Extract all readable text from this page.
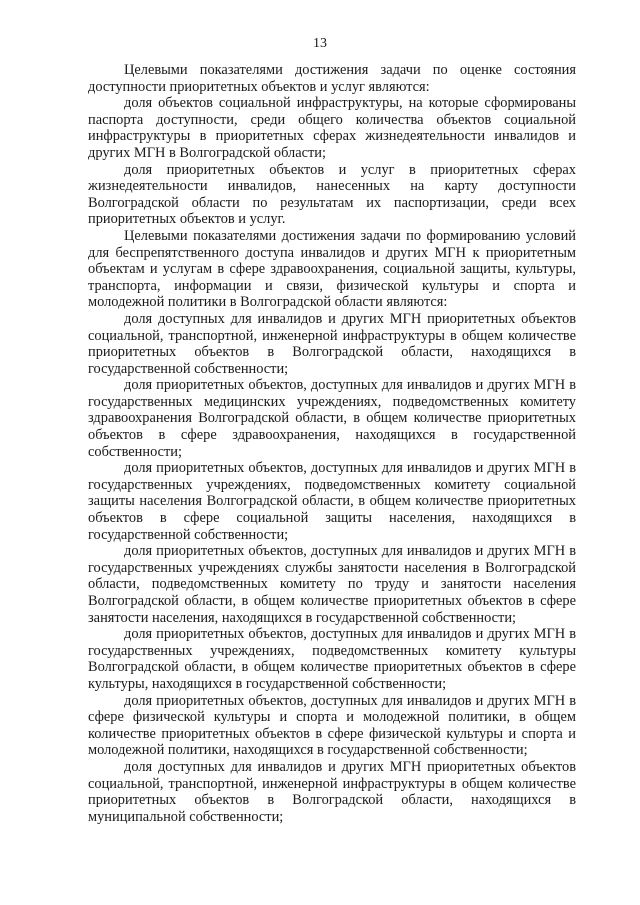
13

Целевыми показателями достижения задачи по оценке состояния доступности приоритетных объектов и услуг являются:

доля объектов социальной инфраструктуры, на которые сформированы паспорта доступности, среди общего количества объектов социальной инфраструктуры в приоритетных сферах жизнедеятельности инвалидов и других МГН в Волгоградской области;

доля приоритетных объектов и услуг в приоритетных сферах жизнедеятельности инвалидов, нанесенных на карту доступности Волгоградской области по результатам их паспортизации, среди всех приоритетных объектов и услуг.

Целевыми показателями достижения задачи по формированию условий для беспрепятственного доступа инвалидов и других МГН к приоритетным объектам и услугам в сфере здравоохранения, социальной защиты, культуры, транспорта, информации и связи, физической культуры и спорта и молодежной политики в Волгоградской области являются:

доля доступных для инвалидов и других МГН приоритетных объектов социальной, транспортной, инженерной инфраструктуры в общем количестве приоритетных объектов в Волгоградской области, находящихся в государственной собственности;

доля приоритетных объектов, доступных для инвалидов и других МГН в государственных медицинских учреждениях, подведомственных комитету здравоохранения Волгоградской области, в общем количестве приоритетных объектов в сфере здравоохранения, находящихся в государственной собственности;

доля приоритетных объектов, доступных для инвалидов и других МГН в государственных учреждениях, подведомственных комитету социальной защиты населения Волгоградской области, в общем количестве приоритетных объектов в сфере социальной защиты населения, находящихся в государственной собственности;

доля приоритетных объектов, доступных для инвалидов и других МГН в государственных учреждениях службы занятости населения в Волгоградской области, подведомственных комитету по труду и занятости населения Волгоградской области, в общем количестве приоритетных объектов в сфере занятости населения, находящихся в государственной собственности;

доля приоритетных объектов, доступных для инвалидов и других МГН в государственных учреждениях, подведомственных комитету культуры Волгоградской области, в общем количестве приоритетных объектов в сфере культуры, находящихся в государственной собственности;

доля приоритетных объектов, доступных для инвалидов и других МГН в сфере физической культуры и спорта и молодежной политики, в общем количестве приоритетных объектов в сфере физической культуры и спорта и молодежной политики, находящихся в государственной собственности;

доля доступных для инвалидов и других МГН приоритетных объектов социальной, транспортной, инженерной инфраструктуры в общем количестве приоритетных объектов в Волгоградской области, находящихся в муниципальной собственности;
